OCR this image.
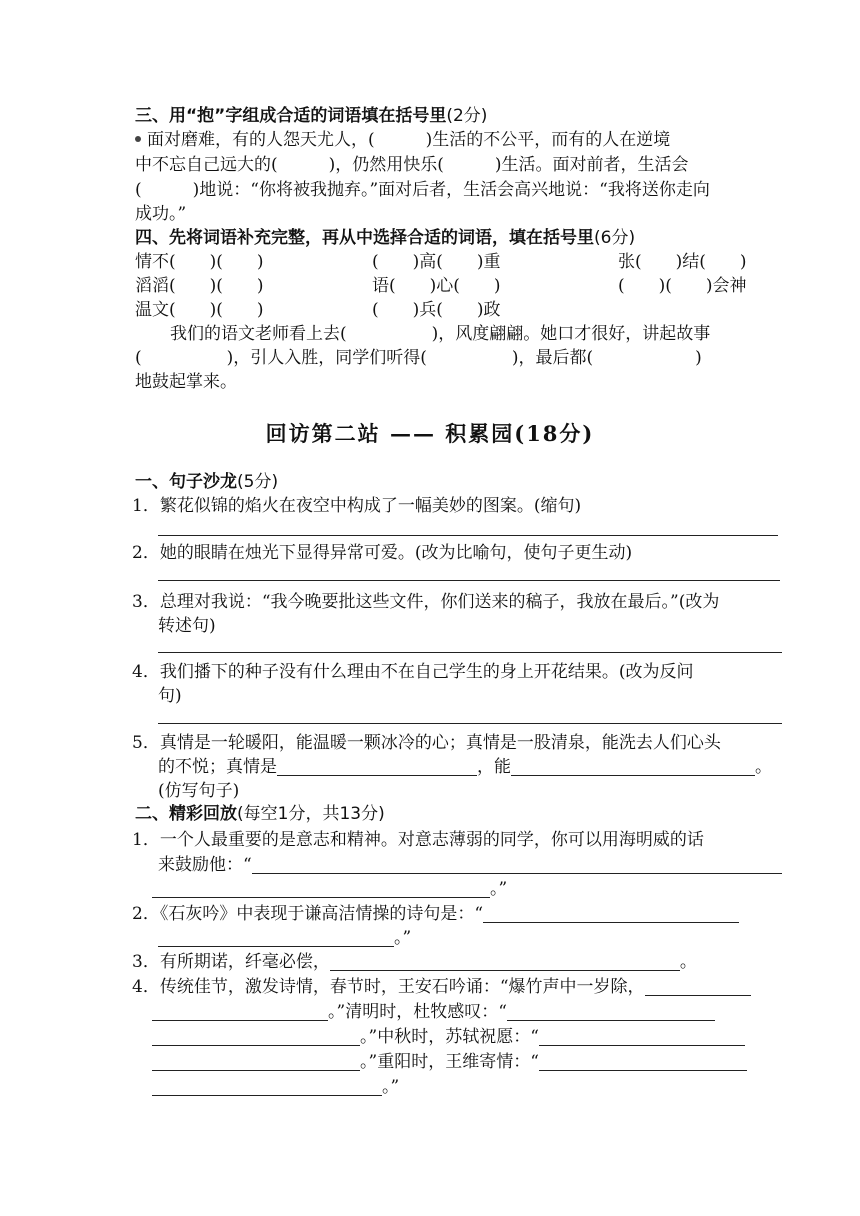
三、用“抱”字组成合适的词语填在括号里(2分)
面对磨难，有的人怨天尤人，(　　　)生活的不公平，而有的人在逆境
中不忘自己远大的(　　　)，仍然用快乐(　　　)生活。面对前者，生活会
(　　　)地说：“你将被我抛弃。”面对后者，生活会高兴地说：“我将送你走向
成功。”
四、先将词语补充完整，再从中选择合适的词语，填在括号里(6分)
情不(　　)(　　)	(　　)高(　　)重	张(　　)结(　　)
滔滔(　　)(　　)	语(　　)心(　　)	(　　)(　　)会神
温文(　　)(　　)	(　　)兵(　　)政
我们的语文老师看上去(　　　　　)，风度翩翩。她口才很好，讲起故事
(　　　　　)，引人入胜，同学们听得(　　　　　)，最后都(　　　　　　)
地鼓起掌来。
回访第二站 —— 积累园(18分)
一、句子沙龙(5分)
1．繁花似锦的焰火在夜空中构成了一幅美妙的图案。(缩句)
2．她的眼睛在烛光下显得异常可爱。(改为比喻句，使句子更生动)
3．总理对我说：“我今晚要批这些文件，你们送来的稿子，我放在最后。”(改为
转述句)
4．我们播下的种子没有什么理由不在自己学生的身上开花结果。(改为反问
句)
5．真情是一轮暖阳，能温暖一颗冰冷的心；真情是一股清泉，能洗去人们心头
的不悦；真情是	，能	。
(仿写句子)
二、精彩回放(每空1分，共13分)
1．一个人最重要的是意志和精神。对意志薄弱的同学，你可以用海明威的话
来鼓励他：“
。”
2．《石灰吟》中表现于谦高洁情操的诗句是：“
。”
3．有所期诺，纤毫必偿，	。
4．传统佳节，激发诗情，春节时，王安石吟诵：“爆竹声中一岁除，
。”清明时，杜牧感叹：“
。”中秋时，苏轼祝愿：“
。”重阳时，王维寄情：“
。”
